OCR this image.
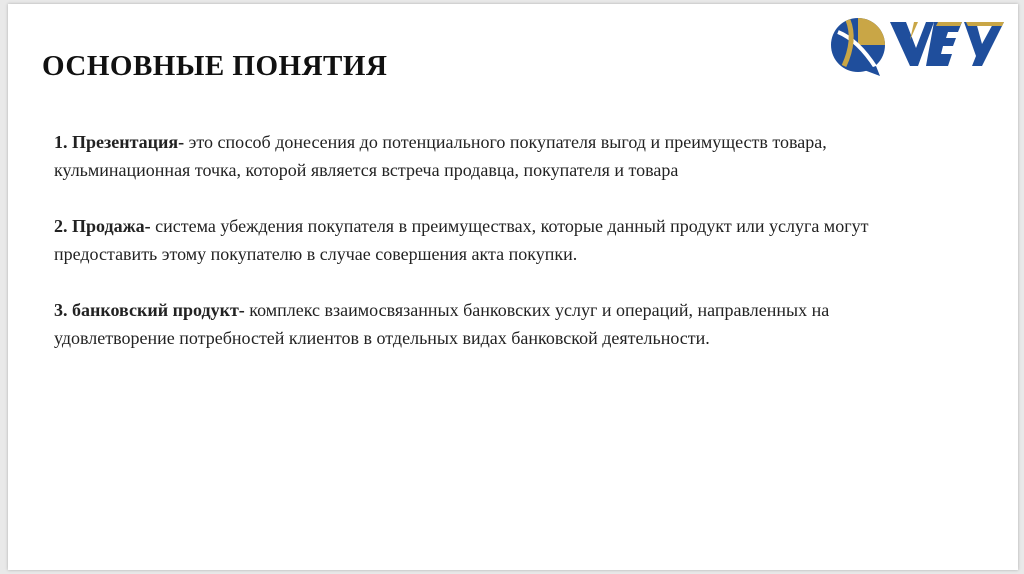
ОСНОВНЫЕ ПОНЯТИЯ

1. Презентация- это способ донесения до потенциального покупателя выгод и преимуществ товара, кульминационная точка, которой является встреча продавца, покупателя и товара

2. Продажа- система убеждения покупателя в преимуществах, которые данный продукт или услуга могут предоставить этому покупателю в случае совершения акта покупки.

3. банковский продукт- комплекс взаимосвязанных банковских услуг и операций, направленных на удовлетворение потребностей клиентов в отдельных видах банковской деятельности.
